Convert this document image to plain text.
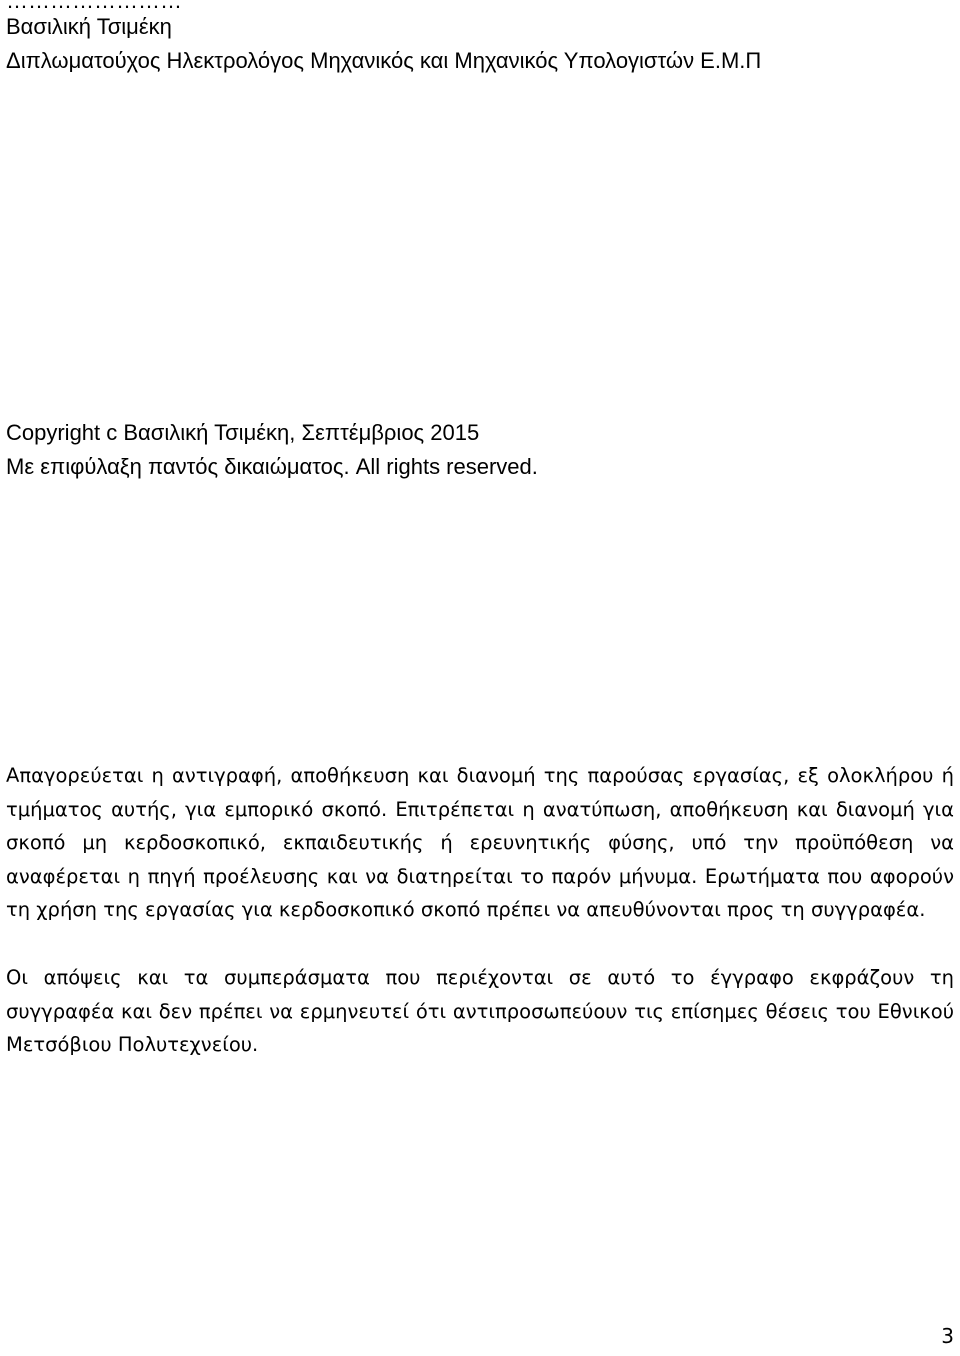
……………………
Βασιλική Τσιμέκη
Διπλωματούχος Ηλεκτρολόγος Μηχανικός και Μηχανικός Υπολογιστών Ε.Μ.Π
Copyright c Βασιλική Τσιμέκη, Σεπτέμβριος 2015
Με επιφύλαξη παντός δικαιώματος. All rights reserved.

Απαγορεύεται η αντιγραφή, αποθήκευση και διανομή της παρούσας εργασίας, εξ ολοκλήρου ή τμήματος αυτής, για εμπορικό σκοπό. Επιτρέπεται η ανατύπωση, αποθήκευση και διανομή για σκοπό μη κερδοσκοπικό, εκπαιδευτικής ή ερευνητικής φύσης, υπό την προϋπόθεση να αναφέρεται η πηγή προέλευσης και να διατηρείται το παρόν μήνυμα. Ερωτήματα που αφορούν τη χρήση της εργασίας για κερδοσκοπικό σκοπό πρέπει να απευθύνονται προς τη συγγραφέα.

Οι απόψεις και τα συμπεράσματα που περιέχονται σε αυτό το έγγραφο εκφράζουν τη συγγραφέα και δεν πρέπει να ερμηνευτεί ότι αντιπροσωπεύουν τις επίσημες θέσεις του Εθνικού Μετσόβιου Πολυτεχνείου.

3
